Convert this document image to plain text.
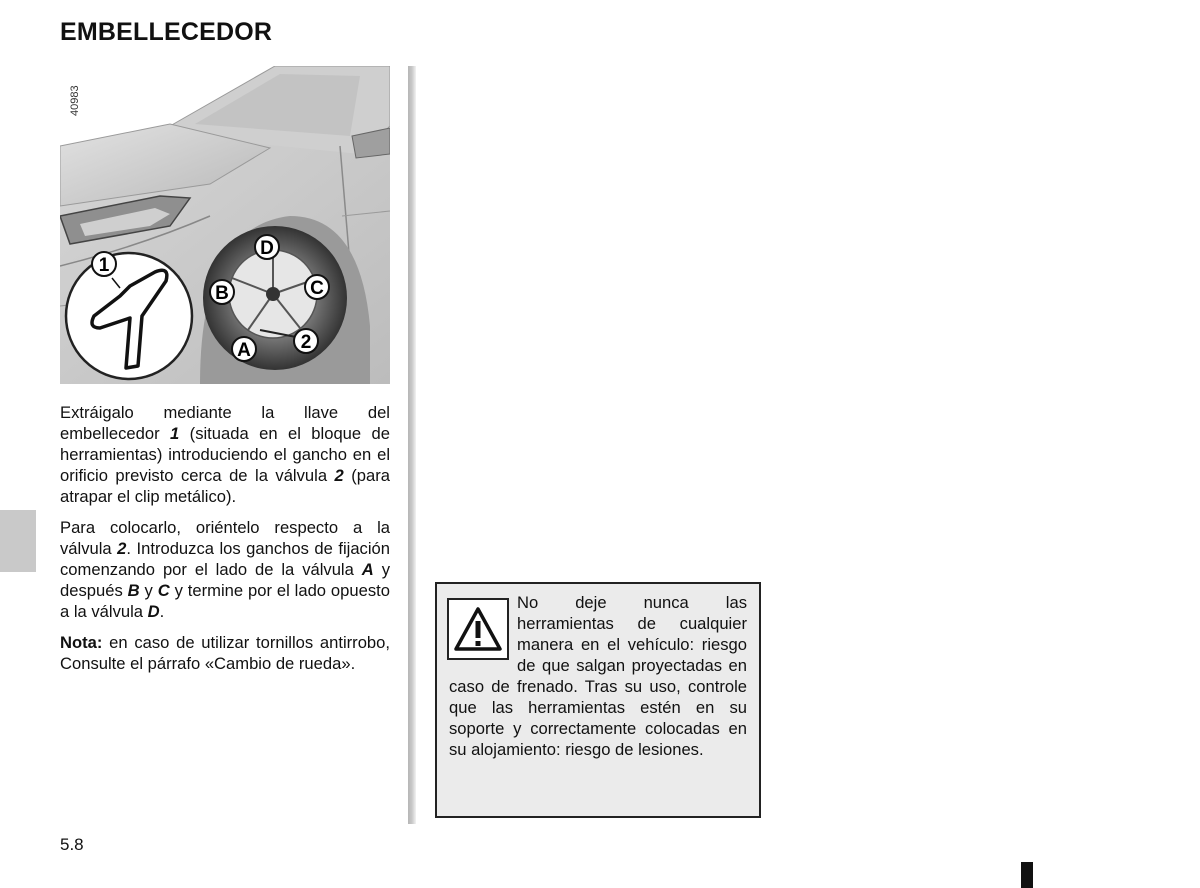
EMBELLECEDOR
40983
1
D
C
B
2
A

Extráigalo mediante la llave del embellecedor 1 (situada en el bloque de herramientas) introduciendo el gancho en el orificio previsto cerca de la válvula 2 (para atrapar el clip metálico).

Para colocarlo, oriéntelo respecto a la válvula 2. Introduzca los ganchos de fijación comenzando por el lado de la válvula A y después B y C y termine por el lado opuesto a la válvula D.

Nota: en caso de utilizar tornillos antirrobo, Consulte el párrafo «Cambio de rueda».

No deje nunca las herramientas de cualquier manera en el vehículo: riesgo de que salgan proyectadas en caso de frenado. Tras su uso, controle que las herramientas estén en su soporte y correctamente colocadas en su alojamiento: riesgo de lesiones.
5.8
